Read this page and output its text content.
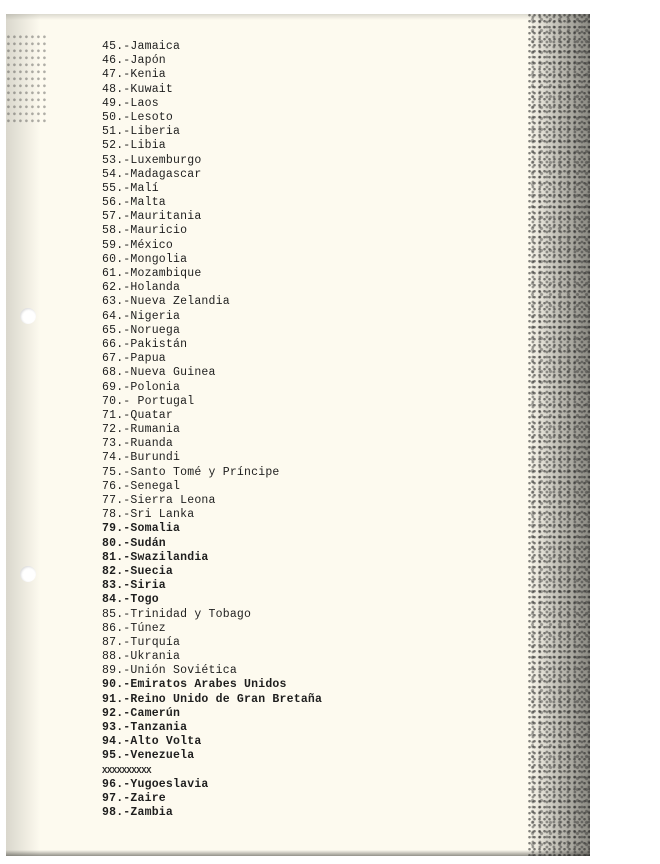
45.-Jamaica
46.-Japón
47.-Kenia
48.-Kuwait
49.-Laos
50.-Lesoto
51.-Liberia
52.-Libia
53.-Luxemburgo
54.-Madagascar
55.-Malí
56.-Malta
57.-Mauritania
58.-Mauricio
59.-México
60.-Mongolia
61.-Mozambique
62.-Holanda
63.-Nueva Zelandia
64.-Nigeria
65.-Noruega
66.-Pakistán
67.-Papua
68.-Nueva Guinea
69.-Polonia
70.- Portugal
71.-Quatar
72.-Rumania
73.-Ruanda
74.-Burundi
75.-Santo Tomé y Príncipe
76.-Senegal
77.-Sierra Leona
78.-Sri Lanka
79.-Somalia
80.-Sudán
81.-Swazilandia
82.-Suecia
83.-Siria
84.-Togo
85.-Trinidad y Tobago
86.-Túnez
87.-Turquía
88.-Ukrania
89.-Unión Soviética
90.-Emiratos Arabes Unidos
91.-Reino Unido de Gran Bretaña
92.-Camerún
93.-Tanzania
94.-Alto Volta
95.-Venezuela
XXXXXXXXXX
96.-Yugoeslavia
97.-Zaire
98.-Zambia
